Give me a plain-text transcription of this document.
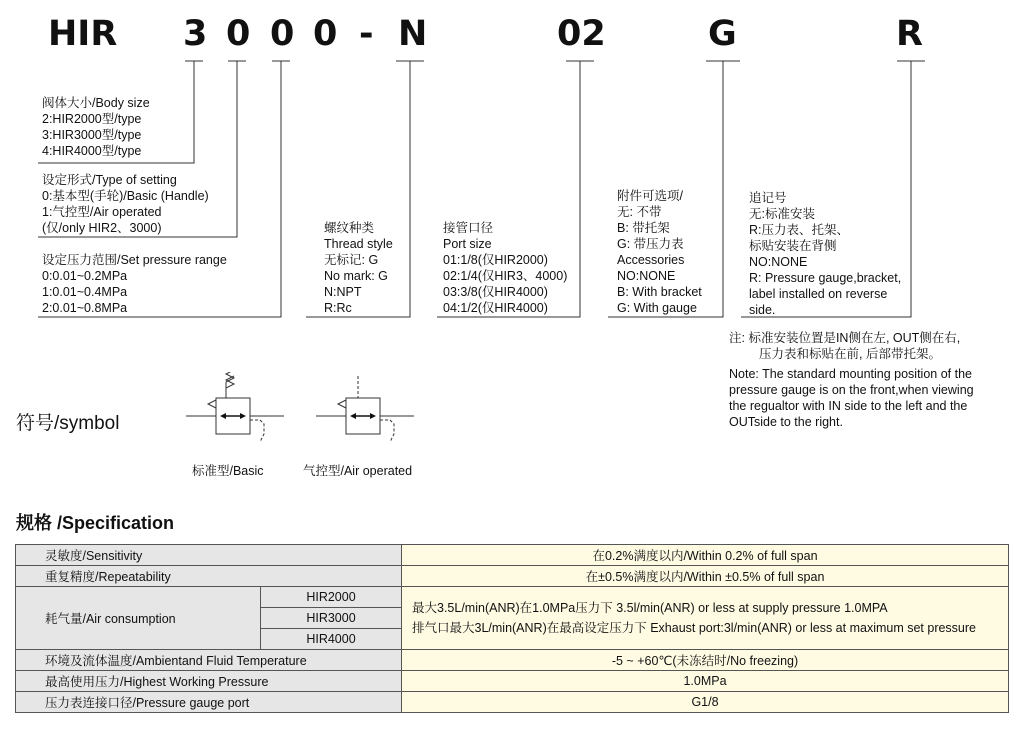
HIR 3 0 0 0 - N	02	G	R
阀体大小/Body size
2:HIR2000型/type
3:HIR3000型/type
4:HIR4000型/type
设定形式/Type of setting
0:基本型(手轮)/Basic (Handle)
1:气控型/Air operated
(仅/only HIR2、3000)
设定压力范围/Set pressure range
0:0.01~0.2MPa
1:0.01~0.4MPa
2:0.01~0.8MPa
螺纹种类
Thread style
无标记: G
No mark: G
N:NPT
R:Rc
接管口径
Port size
01:1/8(仅HIR2000)
02:1/4(仅HIR3、4000)
03:3/8(仅HIR4000)
04:1/2(仅HIR4000)
附件可选项/
无: 不带
B: 带托架
G: 带压力表
Accessories
NO:NONE
B: With bracket
G: With gauge
追记号
无:标准安装
R:压力表、托架、
标贴安装在背侧
NO:NONE
R: Pressure gauge,bracket,
label installed on reverse
side.
注: 标准安装位置是IN侧在左, OUT侧在右,
压力表和标贴在前, 后部带托架。
Note: The standard mounting position of the
pressure gauge is on the front,when viewing
the regualtor with IN side to the left and the
OUTside to the right.
符号/symbol
标准型/Basic	气控型/Air operated
规格 /Specification
灵敏度/Sensitivity		在0.2%满度以内/Within 0.2% of full span
重复精度/Repeatability		在±0.5%满度以内/Within ±0.5% of full span
耗气量/Air consumption	HIR2000	最大3.5L/min(ANR)在1.0MPa压力下 3.5l/min(ANR) or less at supply pressure 1.0MPA
排气口最大3L/min(ANR)在最高设定压力下 Exhaust port:3l/min(ANR) or less at maximum set pressure

	HIR3000	
	HIR4000	
环境及流体温度/Ambientand Fluid Temperature		-5 ~ +60℃(未冻结时/No freezing)
最高使用压力/Highest Working Pressure		1.0MPa
压力表连接口径/Pressure gauge port		G1/8
